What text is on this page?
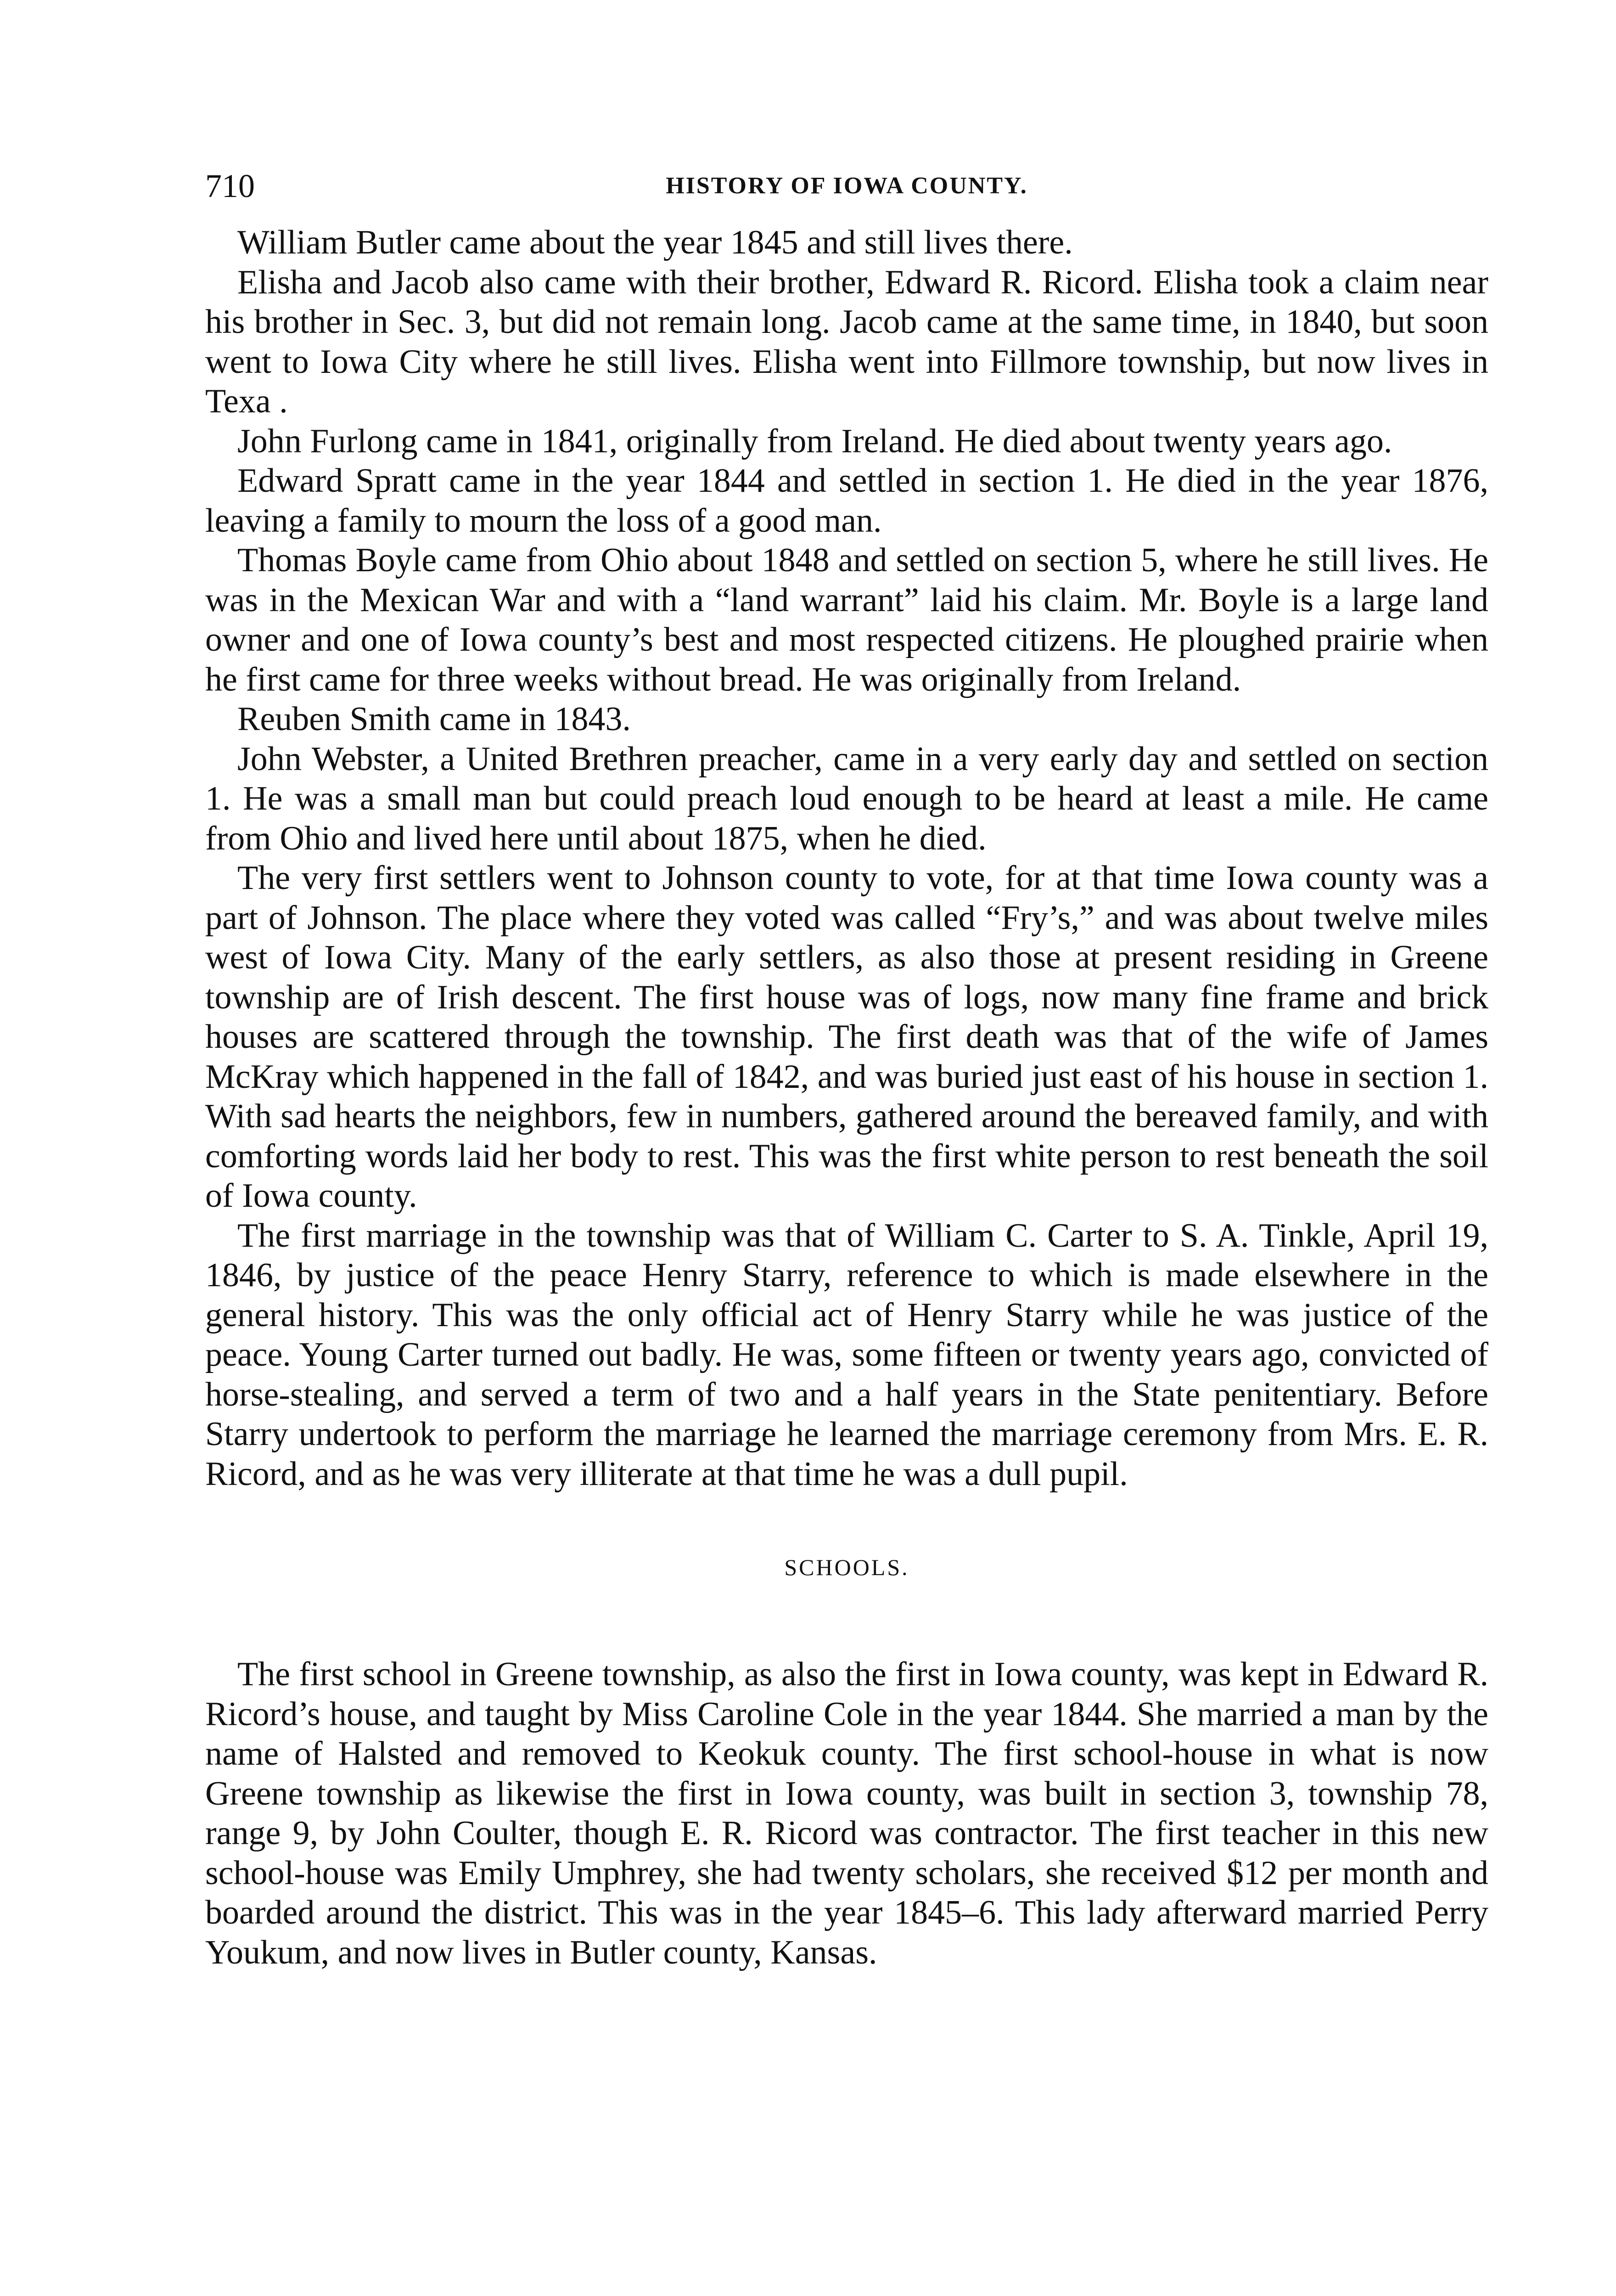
710	HISTORY OF IOWA COUNTY.

William Butler came about the year 1845 and still lives there.

Elisha and Jacob also came with their brother, Edward R. Ricord. Elisha took a claim near his brother in Sec. 3, but did not remain long. Jacob came at the same time, in 1840, but soon went to Iowa City where he still lives. Elisha went into Fillmore township, but now lives in Texa .

John Furlong came in 1841, originally from Ireland. He died about twenty years ago.

Edward Spratt came in the year 1844 and settled in section 1. He died in the year 1876, leaving a family to mourn the loss of a good man.

Thomas Boyle came from Ohio about 1848 and settled on section 5, where he still lives. He was in the Mexican War and with a “land warrant” laid his claim. Mr. Boyle is a large land owner and one of Iowa county’s best and most respected citizens. He ploughed prairie when he first came for three weeks without bread. He was originally from Ireland.

Reuben Smith came in 1843.

John Webster, a United Brethren preacher, came in a very early day and settled on section 1. He was a small man but could preach loud enough to be heard at least a mile. He came from Ohio and lived here until about 1875, when he died.

The very first settlers went to Johnson county to vote, for at that time Iowa county was a part of Johnson. The place where they voted was called “Fry’s,” and was about twelve miles west of Iowa City. Many of the early settlers, as also those at present residing in Greene township are of Irish descent. The first house was of logs, now many fine frame and brick houses are scattered through the township. The first death was that of the wife of James McKray which happened in the fall of 1842, and was buried just east of his house in section 1. With sad hearts the neighbors, few in numbers, gathered around the bereaved family, and with comforting words laid her body to rest. This was the first white person to rest beneath the soil of Iowa county.

The first marriage in the township was that of William C. Carter to S. A. Tinkle, April 19, 1846, by justice of the peace Henry Starry, reference to which is made elsewhere in the general history. This was the only official act of Henry Starry while he was justice of the peace. Young Carter turned out badly. He was, some fifteen or twenty years ago, convicted of horse-stealing, and served a term of two and a half years in the State penitentiary. Before Starry undertook to perform the marriage he learned the marriage ceremony from Mrs. E. R. Ricord, and as he was very illiterate at that time he was a dull pupil.

SCHOOLS.

The first school in Greene township, as also the first in Iowa county, was kept in Edward R. Ricord’s house, and taught by Miss Caroline Cole in the year 1844. She married a man by the name of Halsted and removed to Keokuk county. The first school-house in what is now Greene township as likewise the first in Iowa county, was built in section 3, township 78, range 9, by John Coulter, though E. R. Ricord was contractor. The first teacher in this new school-house was Emily Umphrey, she had twenty scholars, she received $12 per month and boarded around the district. This was in the year 1845–6. This lady afterward married Perry Youkum, and now lives in Butler county, Kansas.
